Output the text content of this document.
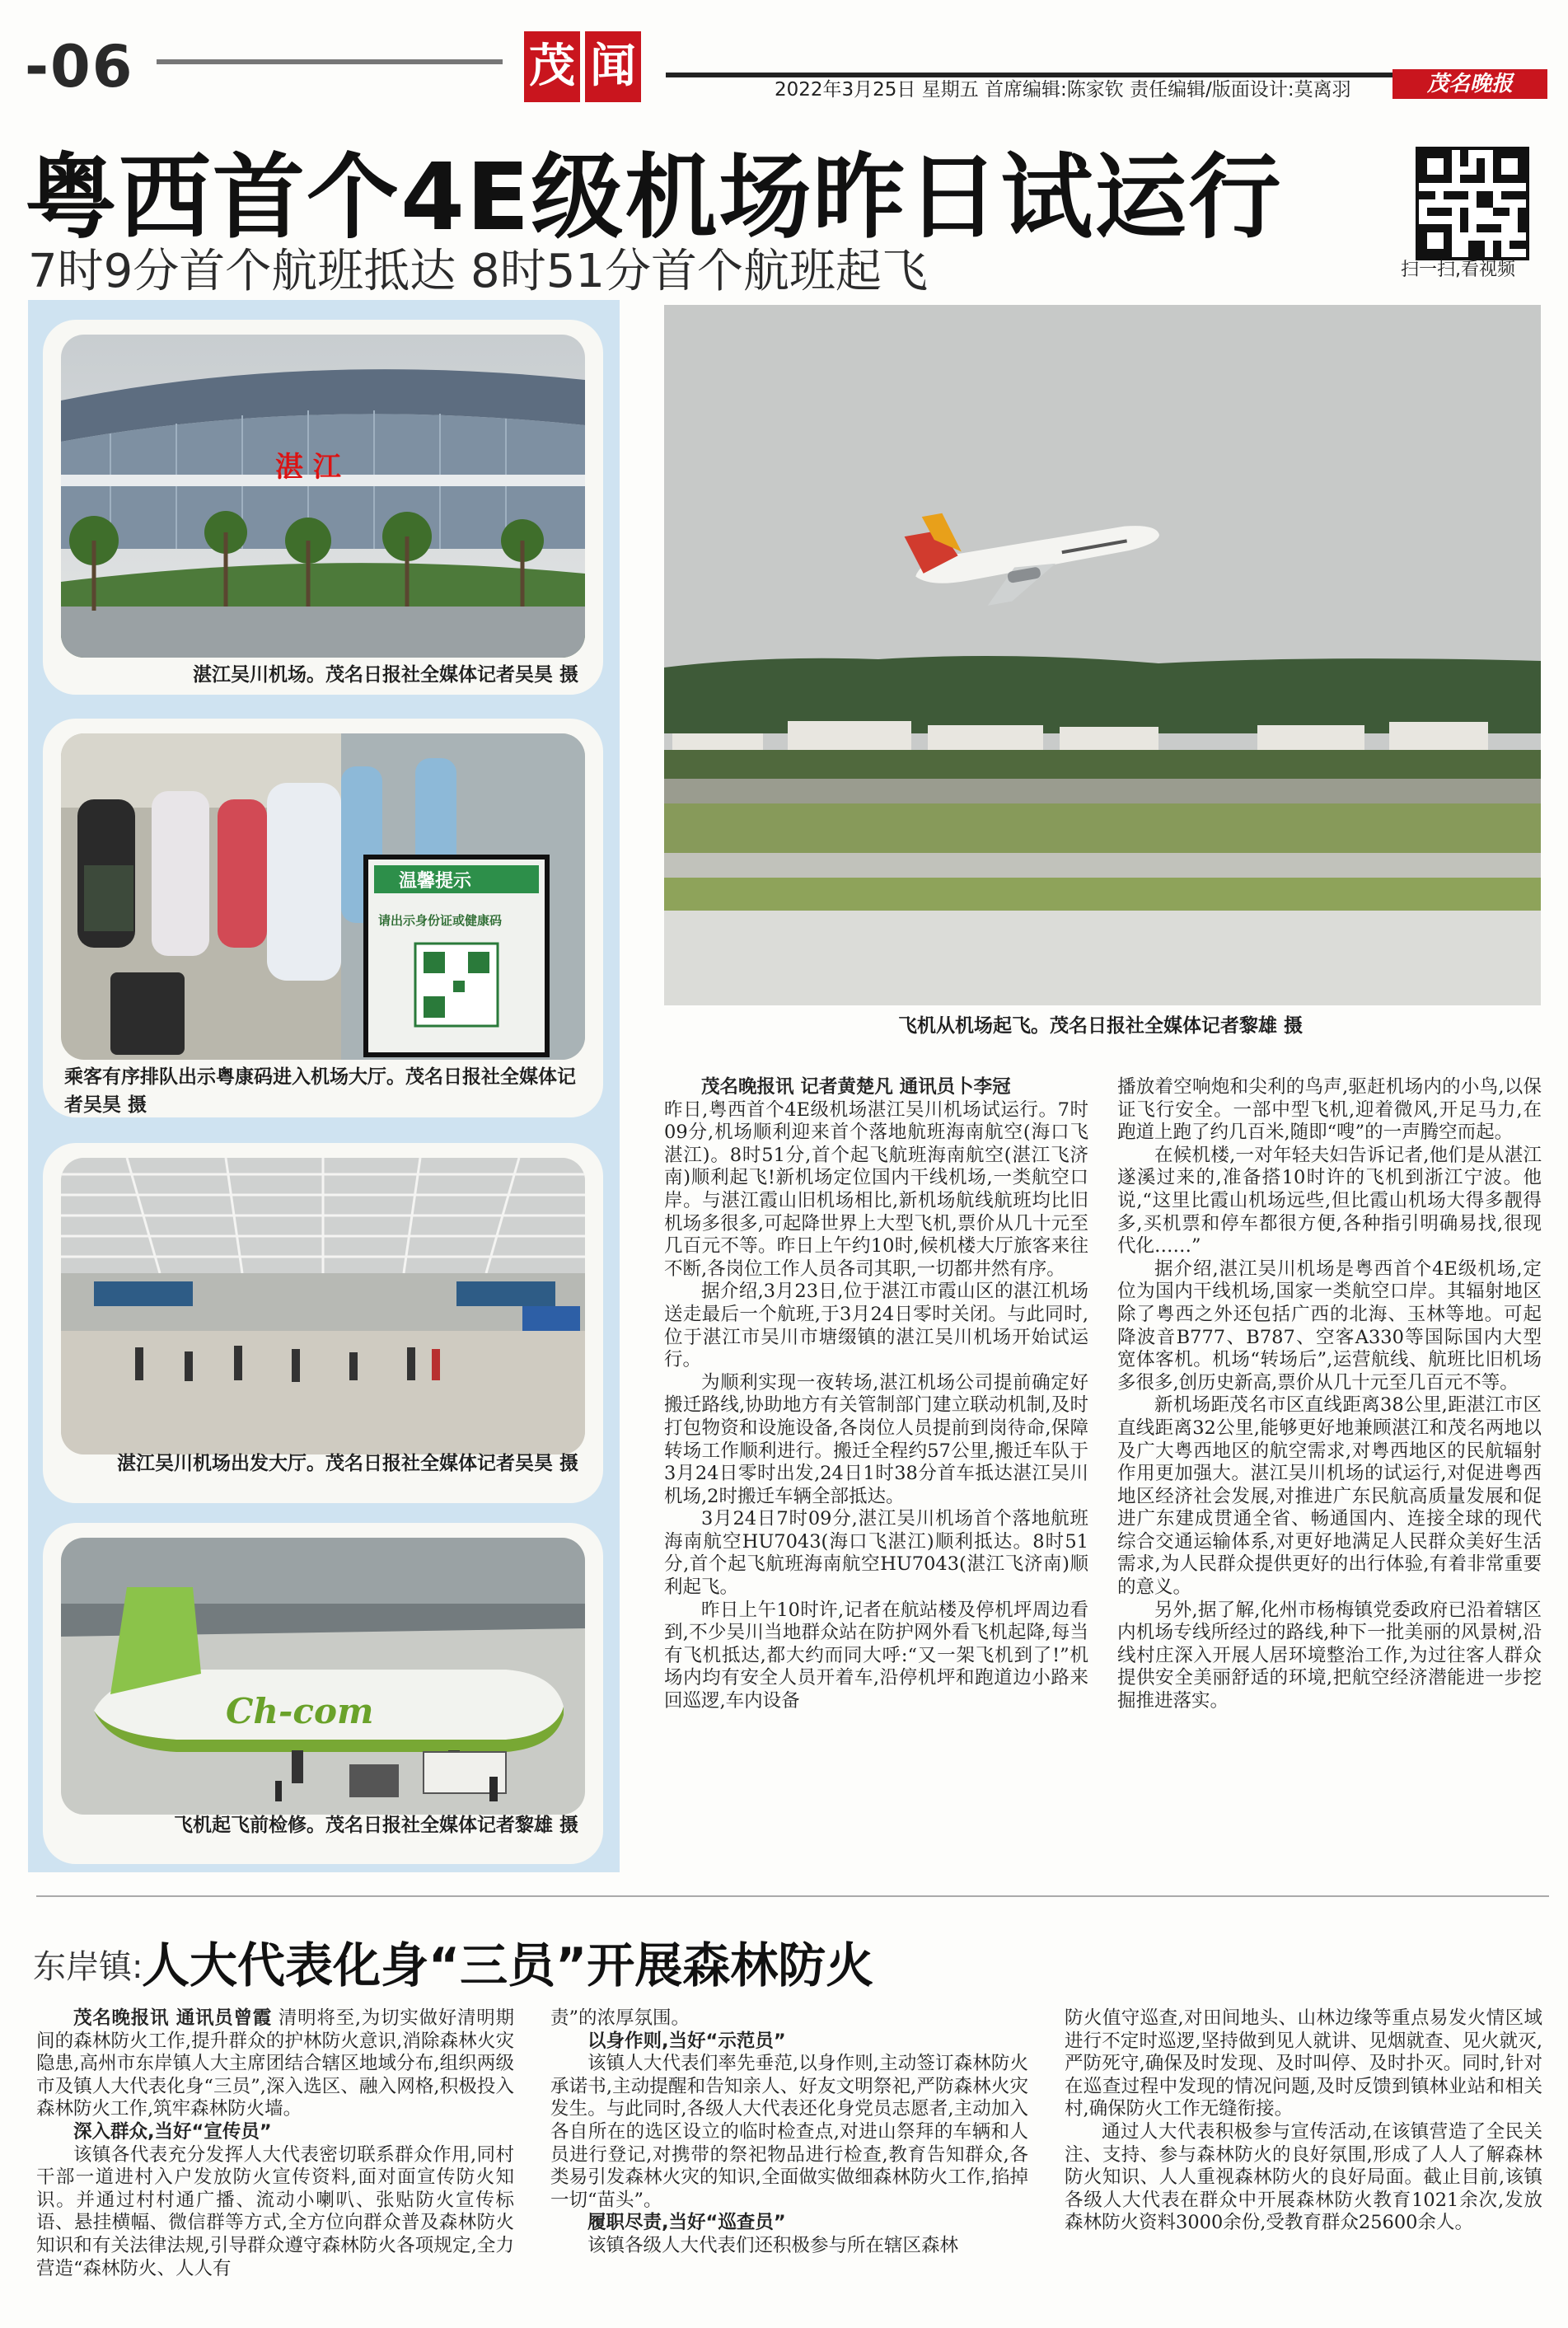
-06	茂 闻	2022年3月25日 星期五 首席编辑:陈家钦 责任编辑/版面设计:莫离羽	茂名晚报
粤西首个4E级机场昨日试运行
7时9分首个航班抵达 8时51分首个航班起飞	扫一扫,看视频
湛 江
湛江吴川机场。茂名日报社全媒体记者吴昊 摄
温馨提示
请出示身份证或健康码
乘客有序排队出示粤康码进入机场大厅。茂名日报社全媒体记者吴昊 摄
湛江吴川机场出发大厅。茂名日报社全媒体记者吴昊 摄
Ch-com
飞机起飞前检修。茂名日报社全媒体记者黎雄 摄
飞机从机场起飞。茂名日报社全媒体记者黎雄 摄

茂名晚报讯 记者黄楚凡 通讯员卜李冠

昨日,粤西首个4E级机场湛江吴川机场试运行。7时09分,机场顺利迎来首个落地航班海南航空(海口飞湛江)。8时51分,首个起飞航班海南航空(湛江飞济南)顺利起飞!新机场定位国内干线机场,一类航空口岸。与湛江霞山旧机场相比,新机场航线航班均比旧机场多很多,可起降世界上大型飞机,票价从几十元至几百元不等。昨日上午约10时,候机楼大厅旅客来往不断,各岗位工作人员各司其职,一切都井然有序。

据介绍,3月23日,位于湛江市霞山区的湛江机场送走最后一个航班,于3月24日零时关闭。与此同时,位于湛江市吴川市塘缀镇的湛江吴川机场开始试运行。

为顺利实现一夜转场,湛江机场公司提前确定好搬迁路线,协助地方有关管制部门建立联动机制,及时打包物资和设施设备,各岗位人员提前到岗待命,保障转场工作顺利进行。搬迁全程约57公里,搬迁车队于3月24日零时出发,24日1时38分首车抵达湛江吴川机场,2时搬迁车辆全部抵达。

3月24日7时09分,湛江吴川机场首个落地航班海南航空HU7043(海口飞湛江)顺利抵达。8时51分,首个起飞航班海南航空HU7043(湛江飞济南)顺利起飞。

昨日上午10时许,记者在航站楼及停机坪周边看到,不少吴川当地群众站在防护网外看飞机起降,每当有飞机抵达,都大约而同大呼:“又一架飞机到了!”机场内均有安全人员开着车,沿停机坪和跑道边小路来回巡逻,车内设备

播放着空响炮和尖利的鸟声,驱赶机场内的小鸟,以保证飞行安全。一部中型飞机,迎着微风,开足马力,在跑道上跑了约几百米,随即“嗖”的一声腾空而起。

在候机楼,一对年轻夫妇告诉记者,他们是从湛江遂溪过来的,准备搭10时许的飞机到浙江宁波。他说,“这里比霞山机场远些,但比霞山机场大得多靓得多,买机票和停车都很方便,各种指引明确易找,很现代化……”

据介绍,湛江吴川机场是粤西首个4E级机场,定位为国内干线机场,国家一类航空口岸。其辐射地区除了粤西之外还包括广西的北海、玉林等地。可起降波音B777、B787、空客A330等国际国内大型宽体客机。机场“转场后”,运营航线、航班比旧机场多很多,创历史新高,票价从几十元至几百元不等。

新机场距茂名市区直线距离38公里,距湛江市区直线距离32公里,能够更好地兼顾湛江和茂名两地以及广大粤西地区的航空需求,对粤西地区的民航辐射作用更加强大。湛江吴川机场的试运行,对促进粤西地区经济社会发展,对推进广东民航高质量发展和促进广东建成贯通全省、畅通国内、连接全球的现代综合交通运输体系,对更好地满足人民群众美好生活需求,为人民群众提供更好的出行体验,有着非常重要的意义。

另外,据了解,化州市杨梅镇党委政府已沿着辖区内机场专线所经过的路线,种下一批美丽的风景树,沿线村庄深入开展人居环境整治工作,为过往客人群众提供安全美丽舒适的环境,把航空经济潜能进一步挖掘推进落实。

东岸镇:
人大代表化身“三员”开展森林防火

茂名晚报讯 通讯员曾霞 清明将至,为切实做好清明期间的森林防火工作,提升群众的护林防火意识,消除森林火灾隐患,高州市东岸镇人大主席团结合辖区地域分布,组织两级市及镇人大代表化身“三员”,深入选区、融入网格,积极投入森林防火工作,筑牢森林防火墙。

深入群众,当好“宣传员”

该镇各代表充分发挥人大代表密切联系群众作用,同村干部一道进村入户发放防火宣传资料,面对面宣传防火知识。并通过村村通广播、流动小喇叭、张贴防火宣传标语、悬挂横幅、微信群等方式,全方位向群众普及森林防火知识和有关法律法规,引导群众遵守森林防火各项规定,全力营造“森林防火、人人有

责”的浓厚氛围。

以身作则,当好“示范员”

该镇人大代表们率先垂范,以身作则,主动签订森林防火承诺书,主动提醒和告知亲人、好友文明祭祀,严防森林火灾发生。与此同时,各级人大代表还化身党员志愿者,主动加入各自所在的选区设立的临时检查点,对进山祭拜的车辆和人员进行登记,对携带的祭祀物品进行检查,教育告知群众,各类易引发森林火灾的知识,全面做实做细森林防火工作,掐掉一切“苗头”。

履职尽责,当好“巡查员”

该镇各级人大代表们还积极参与所在辖区森林

防火值守巡查,对田间地头、山林边缘等重点易发火情区域进行不定时巡逻,坚持做到见人就讲、见烟就查、见火就灭,严防死守,确保及时发现、及时叫停、及时扑灭。同时,针对在巡查过程中发现的情况问题,及时反馈到镇林业站和相关村,确保防火工作无缝衔接。

通过人大代表积极参与宣传活动,在该镇营造了全民关注、支持、参与森林防火的良好氛围,形成了人人了解森林防火知识、人人重视森林防火的良好局面。截止目前,该镇各级人大代表在群众中开展森林防火教育1021余次,发放森林防火资料3000余份,受教育群众25600余人。
